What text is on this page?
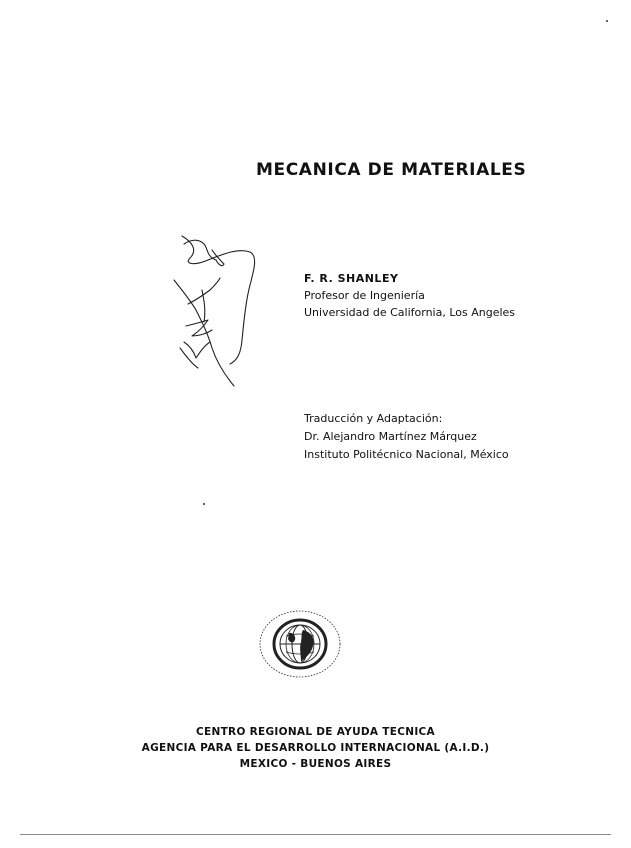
MECANICA DE MATERIALES
F. R. SHANLEY
Profesor de Ingeniería
Universidad de California, Los Angeles
Traducción y Adaptación:
Dr. Alejandro Martínez Márquez
Instituto Politécnico Nacional, México
CENTRO REGIONAL DE AYUDA TECNICA
AGENCIA PARA EL DESARROLLO INTERNACIONAL (A.I.D.)
MEXICO - BUENOS AIRES
